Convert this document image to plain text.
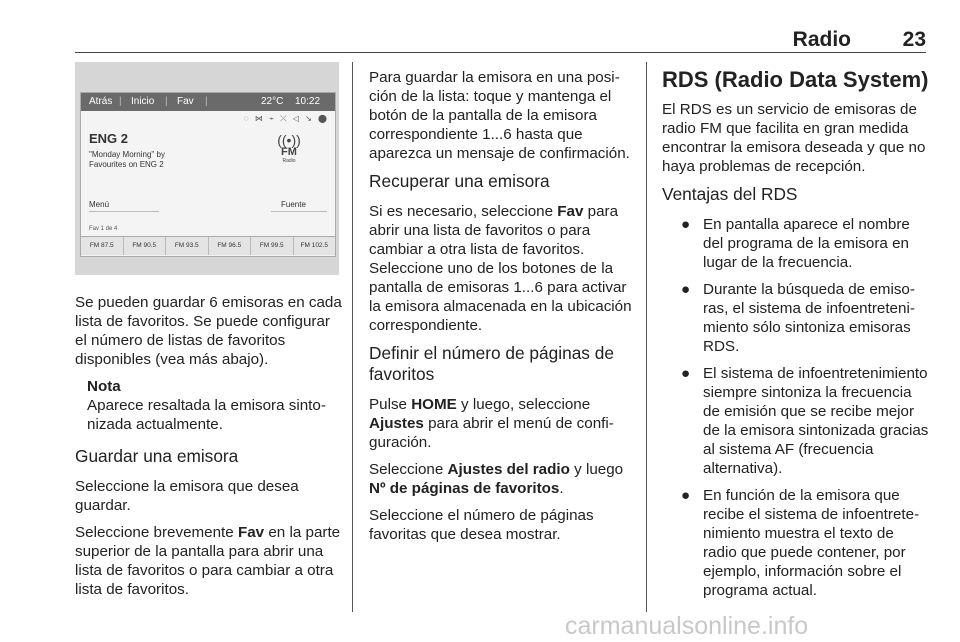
Radio 23
Atrás | Inicio | Fav |	22°C 10:22
◌ ⋈ ⌁ ⤫ ◁ ↘ ⬤
ENG 2
"Monday Morning" by
Favourites on ENG 2
((•))
FM
Radio
Menú	Fuente
Fav 1 de 4
FM 87.5	FM 90.5	FM 93.5	FM 96.5	FM 99.5	FM 102.5

Se pueden guardar 6 emisoras en cada lista de favoritos. Se puede configurar el número de listas de favoritos disponibles (vea más abajo).

Nota
Aparece resaltada la emisora sintonizada actualmente.
Guardar una emisora

Seleccione la emisora que desea guardar.

Seleccione brevemente Fav en la parte superior de la pantalla para abrir una lista de favoritos o para cambiar a otra lista de favoritos.

Para guardar la emisora en una posición de la lista: toque y mantenga el botón de la pantalla de la emisora correspondiente 1...6 hasta que aparezca un mensaje de confirmación.

Recuperar una emisora

Si es necesario, seleccione Fav para abrir una lista de favoritos o para cambiar a otra lista de favoritos. Seleccione uno de los botones de la pantalla de emisoras 1...6 para activar la emisora almacenada en la ubicación correspondiente.

Definir el número de páginas de favoritos

Pulse HOME y luego, seleccione Ajustes para abrir el menú de configuración.

Seleccione Ajustes del radio y luego Nº de páginas de favoritos.

Seleccione el número de páginas favoritas que desea mostrar.

RDS (Radio Data System)

El RDS es un servicio de emisoras de radio FM que facilita en gran medida encontrar la emisora deseada y que no haya problemas de recepción.

Ventajas del RDS
● En pantalla aparece el nombre del programa de la emisora en lugar de la frecuencia.
● Durante la búsqueda de emisoras, el sistema de infoentretenimiento sólo sintoniza emisoras RDS.
● El sistema de infoentretenimiento siempre sintoniza la frecuencia de emisión que se recibe mejor de la emisora sintonizada gracias al sistema AF (frecuencia alternativa).
● En función de la emisora que recibe el sistema de infoentretenimiento muestra el texto de radio que puede contener, por ejemplo, información sobre el programa actual.
carmanualsonline.info
